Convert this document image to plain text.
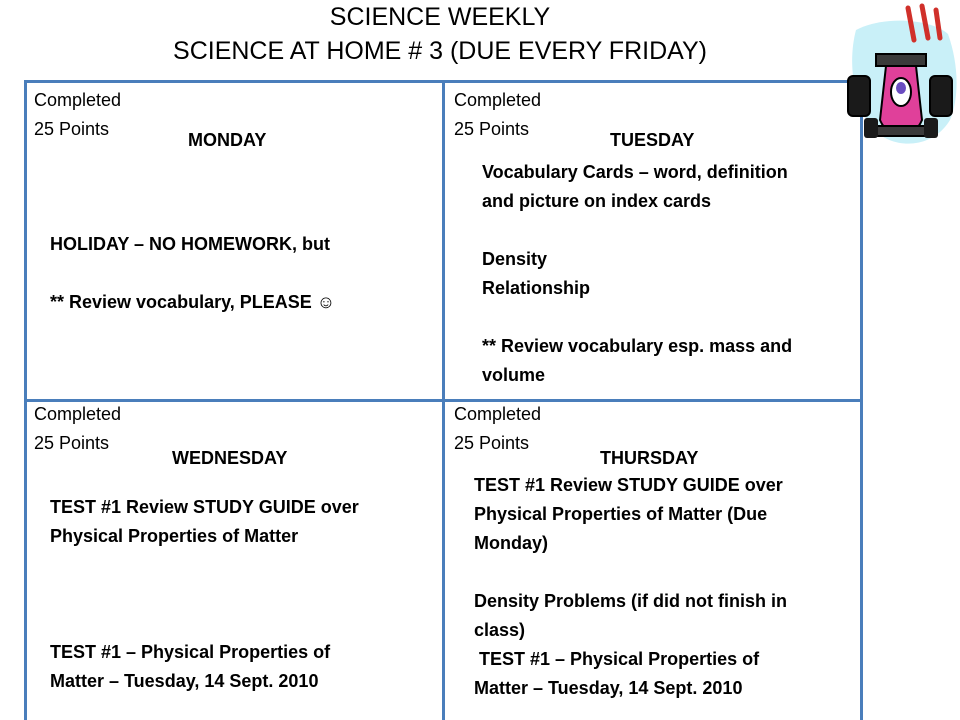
SCIENCE WEEKLY
SCIENCE AT HOME # 3 (DUE EVERY FRIDAY)
Completed
25 Points
MONDAY

HOLIDAY – NO HOMEWORK, but

** Review vocabulary, PLEASE ☺

Completed
25 Points
TUESDAY

Vocabulary Cards – word, definition

and picture on index cards

Density

Relationship

** Review vocabulary esp. mass and

volume

Completed
25 Points
WEDNESDAY

TEST #1 Review STUDY GUIDE over

Physical Properties of Matter

TEST #1 – Physical Properties of

Matter – Tuesday, 14 Sept. 2010

Completed
25 Points
THURSDAY

TEST #1 Review STUDY GUIDE over

Physical Properties of Matter (Due

Monday)

Density Problems (if did not finish in

class)

TEST #1 – Physical Properties of

Matter – Tuesday, 14 Sept. 2010
